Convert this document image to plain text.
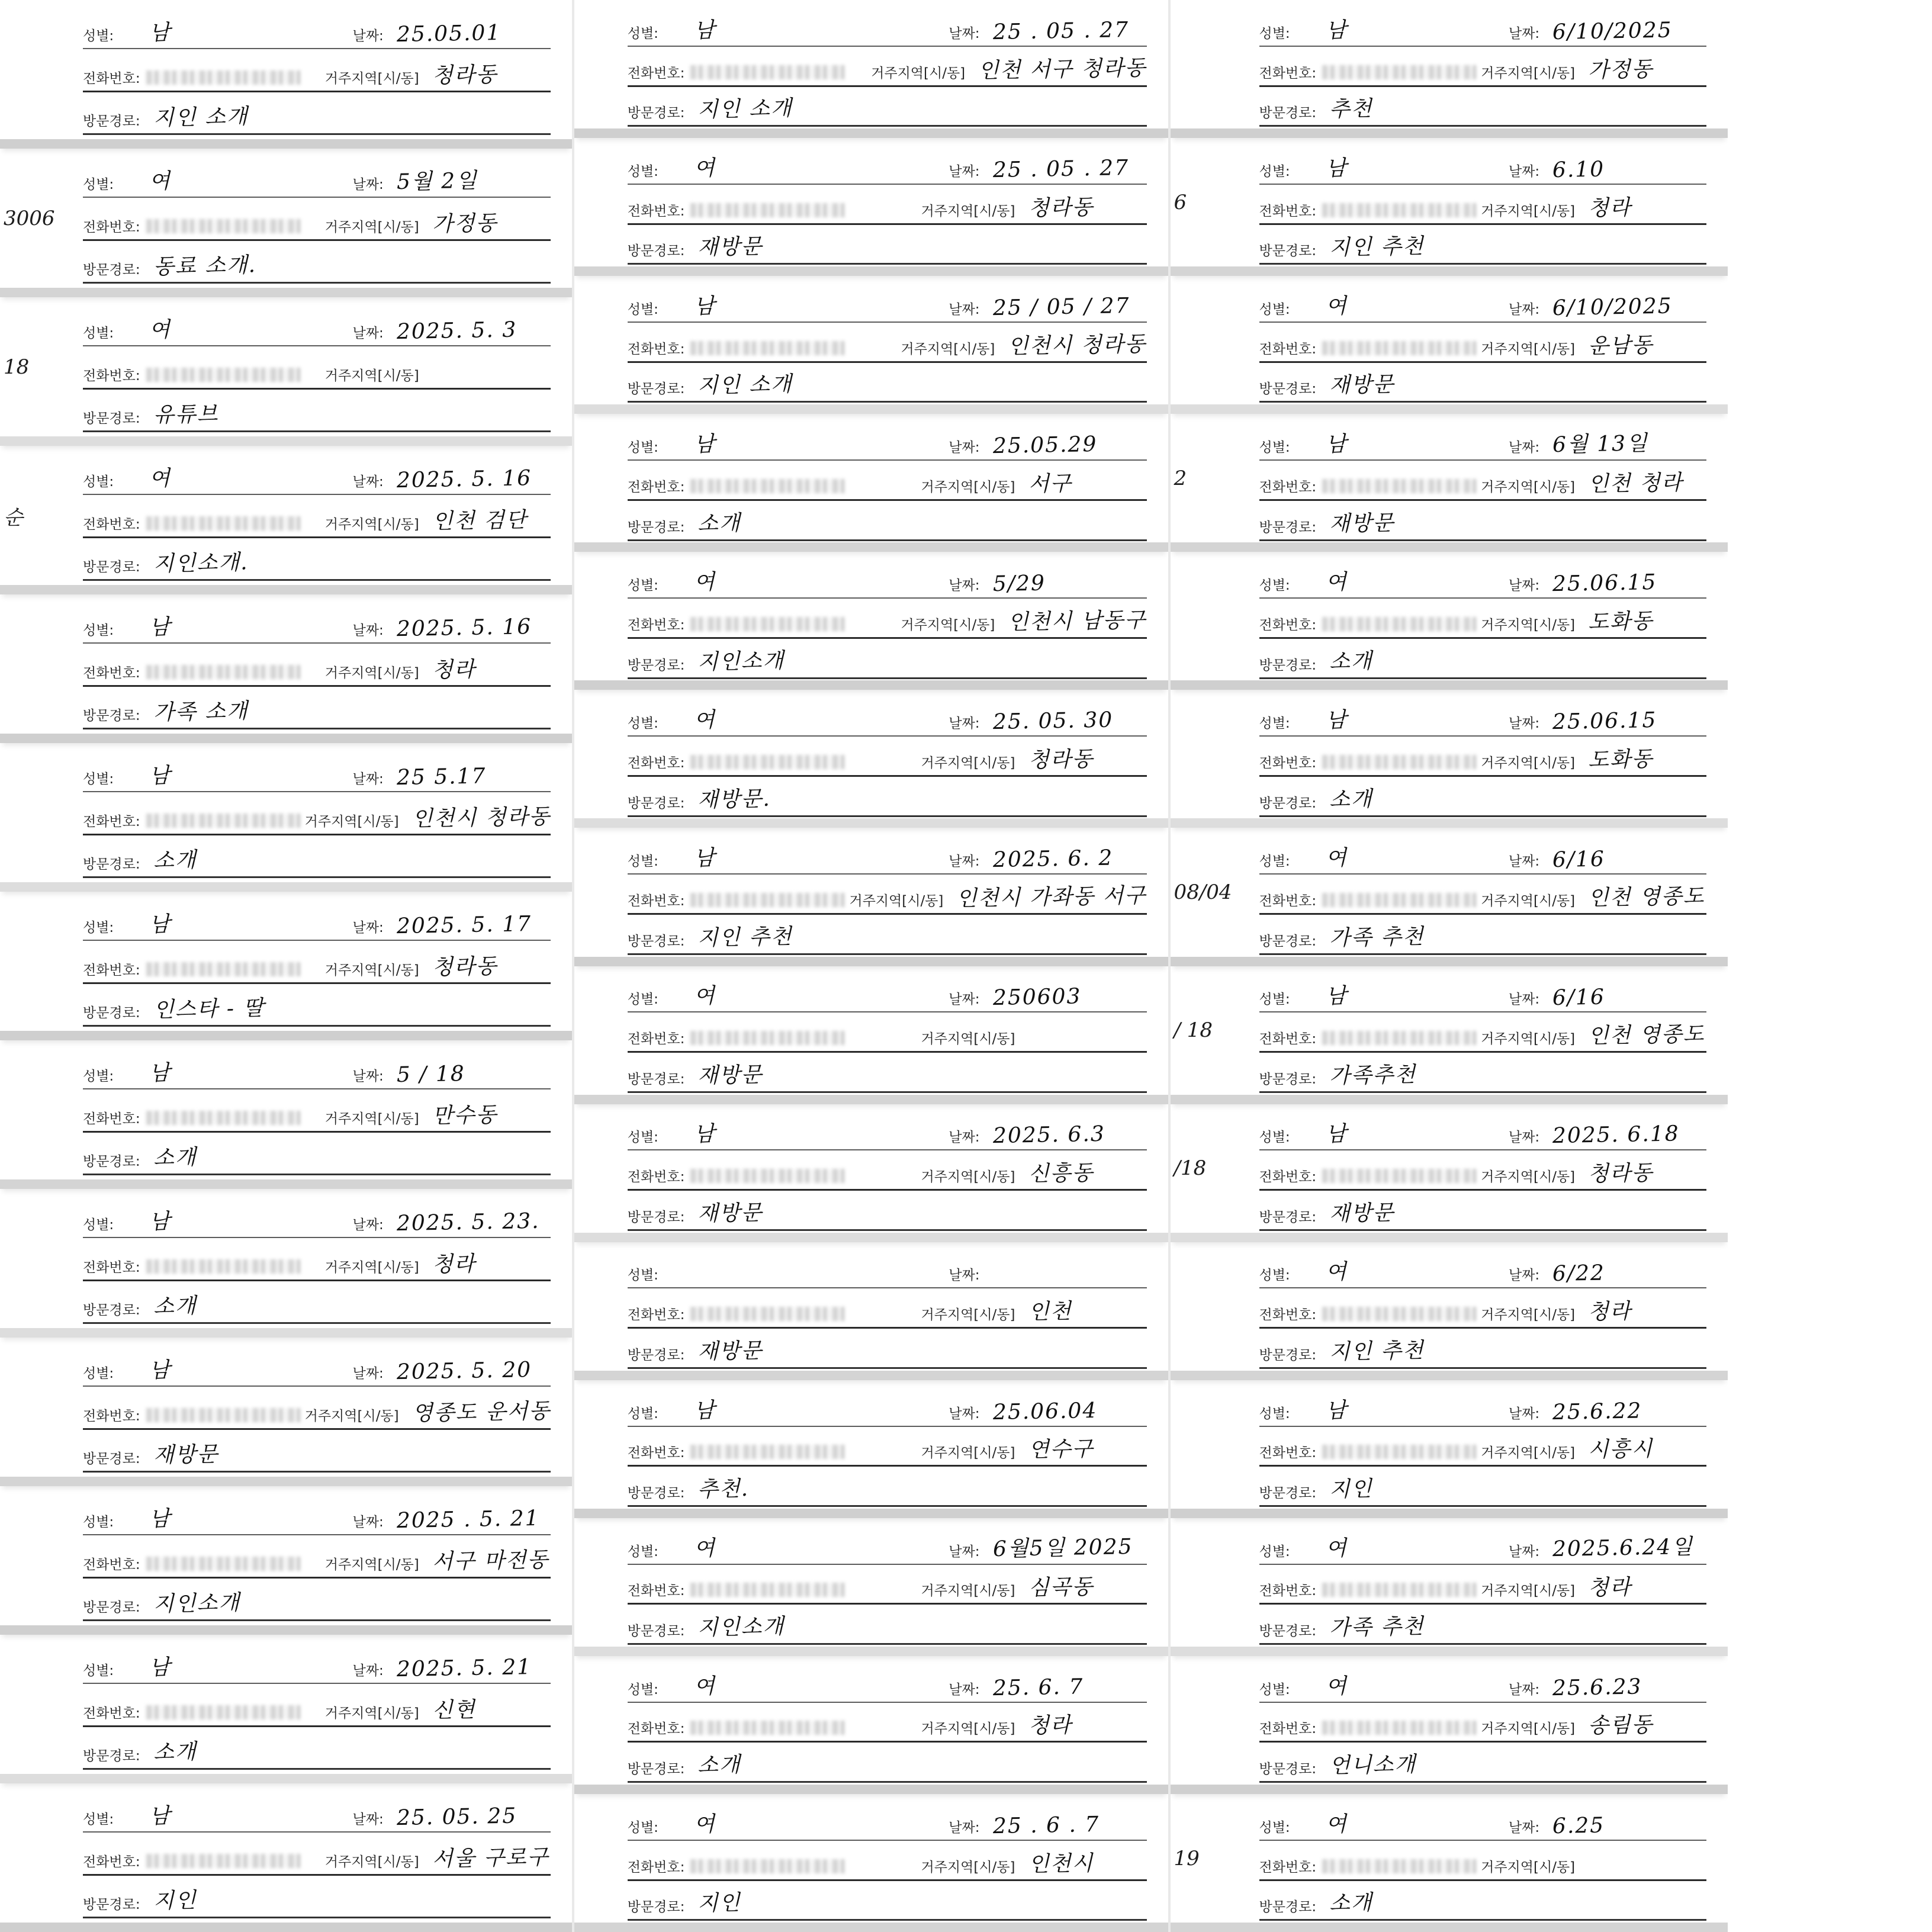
성별:	남	날짜: 25.05.01
전화번호:	거주지역[시/동] 청라동
방문경로: 지인 소개
3006
성별:	여	날짜: 5월 2일
전화번호:	거주지역[시/동] 가정동
방문경로: 동료 소개.
18
성별:	여	날짜: 2025. 5. 3
전화번호:	거주지역[시/동]
방문경로: 유튜브
순
성별:	여	날짜: 2025. 5. 16
전화번호:	거주지역[시/동] 인천 검단
방문경로: 지인소개.
성별:	남	날짜: 2025. 5. 16
전화번호:	거주지역[시/동] 청라
방문경로: 가족 소개
성별:	남	날짜: 25 5.17
전화번호:	거주지역[시/동] 인천시 청라동
방문경로: 소개
성별:	남	날짜: 2025. 5. 17
전화번호:	거주지역[시/동] 청라동
방문경로: 인스타 - 딸
성별:	남	날짜: 5 / 18
전화번호:	거주지역[시/동] 만수동
방문경로: 소개
성별:	남	날짜: 2025. 5. 23.
전화번호:	거주지역[시/동] 청라
방문경로: 소개
성별:	남	날짜: 2025. 5. 20
전화번호:	거주지역[시/동] 영종도 운서동
방문경로: 재방문
성별:	남	날짜: 2025 . 5. 21
전화번호:	거주지역[시/동] 서구 마전동
방문경로: 지인소개
성별:	남	날짜: 2025. 5. 21
전화번호:	거주지역[시/동] 신현
방문경로: 소개
성별:	남	날짜: 25. 05. 25
전화번호:	거주지역[시/동] 서울 구로구
방문경로: 지인
성별:	남	날짜: 25 . 05 . 27
전화번호:	거주지역[시/동] 인천 서구 청라동
방문경로: 지인 소개
성별:	여	날짜: 25 . 05 . 27
전화번호:	거주지역[시/동] 청라동
방문경로: 재방문
성별:	남	날짜: 25 / 05 / 27
전화번호:	거주지역[시/동] 인천시 청라동
방문경로: 지인 소개
성별:	남	날짜: 25.05.29
전화번호:	거주지역[시/동] 서구
방문경로: 소개
성별:	여	날짜: 5/29
전화번호:	거주지역[시/동] 인천시 남동구
방문경로: 지인소개
성별:	여	날짜: 25. 05. 30
전화번호:	거주지역[시/동] 청라동
방문경로: 재방문.
성별:	남	날짜: 2025. 6. 2
전화번호:	거주지역[시/동] 인천시 가좌동 서구
방문경로: 지인 추천
성별:	여	날짜: 250603
전화번호:	거주지역[시/동]
방문경로: 재방문
성별:	남	날짜: 2025. 6.3
전화번호:	거주지역[시/동] 신흥동
방문경로: 재방문
성별:	날짜:
전화번호:	거주지역[시/동] 인천
방문경로: 재방문
성별:	남	날짜: 25.06.04
전화번호:	거주지역[시/동] 연수구
방문경로: 추천.
성별:	여	날짜: 6월5일 2025
전화번호:	거주지역[시/동] 심곡동
방문경로: 지인소개
성별:	여	날짜: 25. 6. 7
전화번호:	거주지역[시/동] 청라
방문경로: 소개
성별:	여	날짜: 25 . 6 . 7
전화번호:	거주지역[시/동] 인천시
방문경로: 지인
성별:	남	날짜: 6/10/2025
전화번호:	거주지역[시/동] 가정동
방문경로: 추천
6
성별:	남	날짜: 6.10
전화번호:	거주지역[시/동] 청라
방문경로: 지인 추천
성별:	여	날짜: 6/10/2025
전화번호:	거주지역[시/동] 운남동
방문경로: 재방문
2
성별:	남	날짜: 6월 13일
전화번호:	거주지역[시/동] 인천 청라
방문경로: 재방문
성별:	여	날짜: 25.06.15
전화번호:	거주지역[시/동] 도화동
방문경로: 소개
성별:	남	날짜: 25.06.15
전화번호:	거주지역[시/동] 도화동
방문경로: 소개
08/04
성별:	여	날짜: 6/16
전화번호:	거주지역[시/동] 인천 영종도
방문경로: 가족 추천
/ 18
성별:	남	날짜: 6/16
전화번호:	거주지역[시/동] 인천 영종도
방문경로: 가족추천
/18
성별:	남	날짜: 2025. 6.18
전화번호:	거주지역[시/동] 청라동
방문경로: 재방문
성별:	여	날짜: 6/22
전화번호:	거주지역[시/동] 청라
방문경로: 지인 추천
성별:	남	날짜: 25.6.22
전화번호:	거주지역[시/동] 시흥시
방문경로: 지인
성별:	여	날짜: 2025.6.24일
전화번호:	거주지역[시/동] 청라
방문경로: 가족 추천
성별:	여	날짜: 25.6.23
전화번호:	거주지역[시/동] 송림동
방문경로: 언니소개
19
성별:	여	날짜: 6.25
전화번호:	거주지역[시/동]
방문경로: 소개
